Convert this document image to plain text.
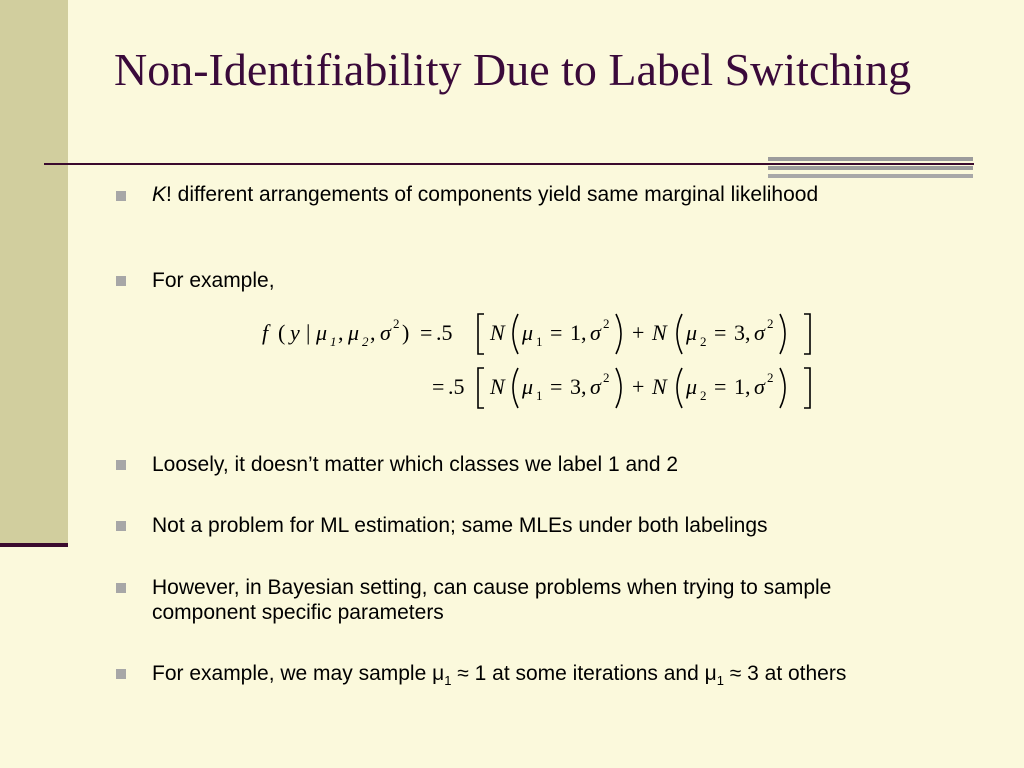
Non-Identifiability Due to Label Switching
K! different arrangements of components yield same marginal likelihood
For example,
Loosely, it doesn’t matter which classes we label 1 and 2
Not a problem for ML estimation; same MLEs under both labelings
However, in Bayesian setting, can cause problems when trying to sample component specific parameters
For example, we may sample $\mu_1 \approx 1$ at some iterations and $\mu_1 \approx 3$ at others
f ( y | μ 1 , μ 2 , σ 2 ) = .5 N μ 1 = 1 , σ 2 + N μ 2 = 3 , σ 2
= .5 N μ 1 = 3 , σ 2 + N μ 2 = 1 , σ 2
